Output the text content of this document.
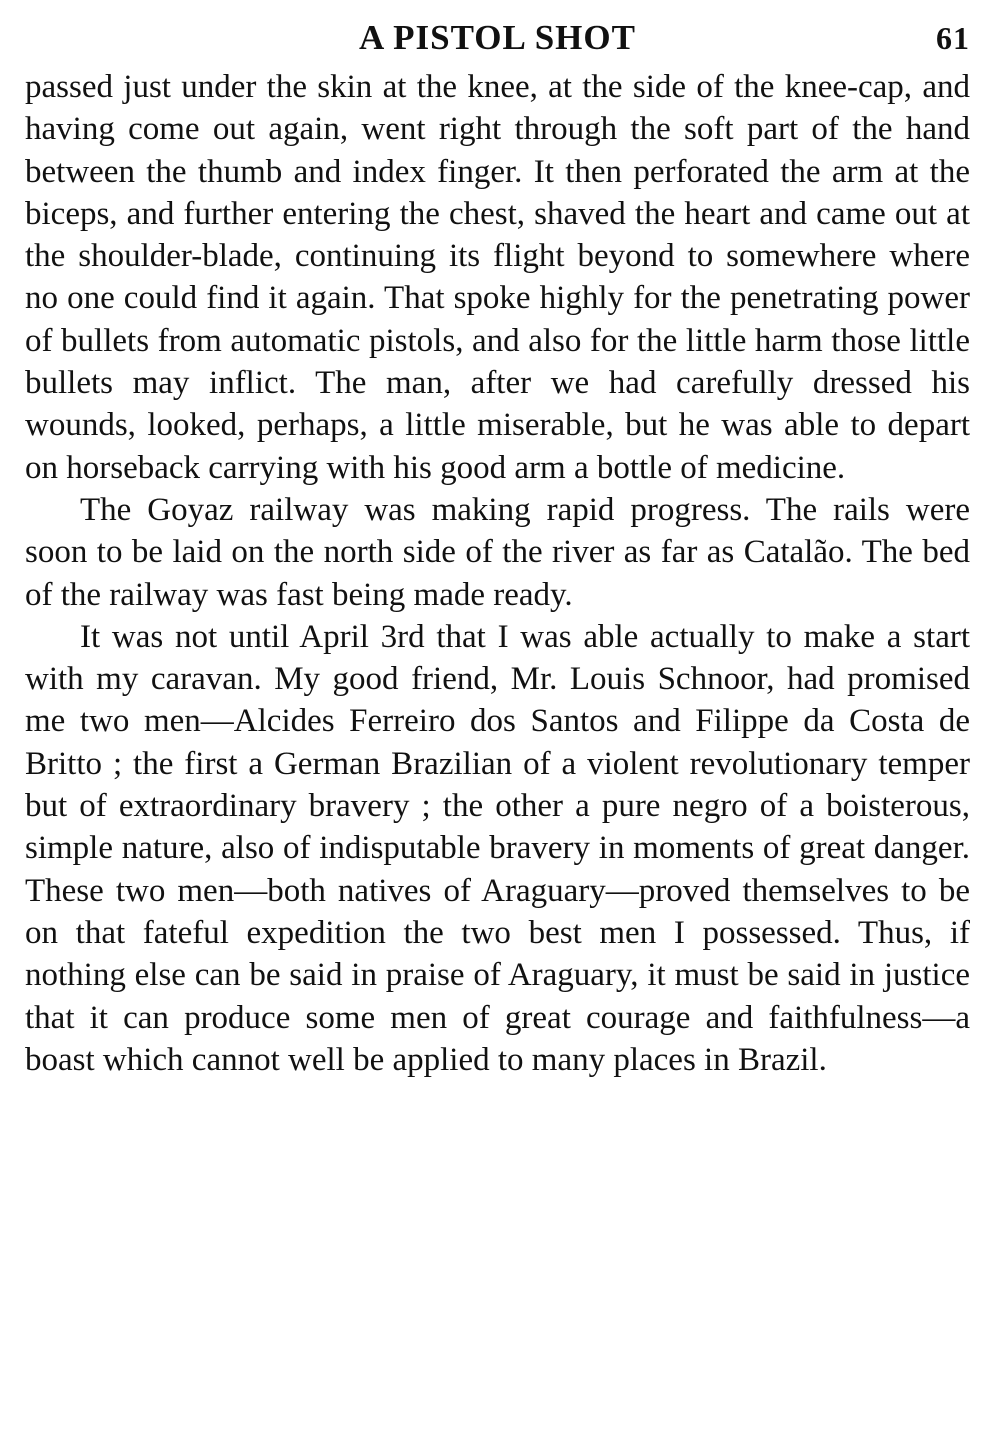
A PISTOL SHOT	61

passed just under the skin at the knee, at the side of the knee-cap, and having come out again, went right through the soft part of the hand between the thumb and index finger. It then perforated the arm at the biceps, and further entering the chest, shaved the heart and came out at the shoulder-blade, continuing its flight beyond to somewhere where no one could find it again. That spoke highly for the penetrating power of bullets from automatic pistols, and also for the little harm those little bullets may inflict. The man, after we had carefully dressed his wounds, looked, perhaps, a little miserable, but he was able to depart on horseback carrying with his good arm a bottle of medicine.

The Goyaz railway was making rapid progress. The rails were soon to be laid on the north side of the river as far as Catalão. The bed of the railway was fast being made ready.

It was not until April 3rd that I was able actually to make a start with my caravan. My good friend, Mr. Louis Schnoor, had promised me two men—Alcides Ferreiro dos Santos and Filippe da Costa de Britto ; the first a German Brazilian of a violent revolutionary temper but of extraordinary bravery ; the other a pure negro of a boisterous, simple nature, also of indisputable bravery in moments of great danger. These two men—both natives of Araguary—proved themselves to be on that fateful expedition the two best men I possessed. Thus, if nothing else can be said in praise of Araguary, it must be said in justice that it can produce some men of great courage and faithfulness—a boast which cannot well be applied to many places in Brazil.
